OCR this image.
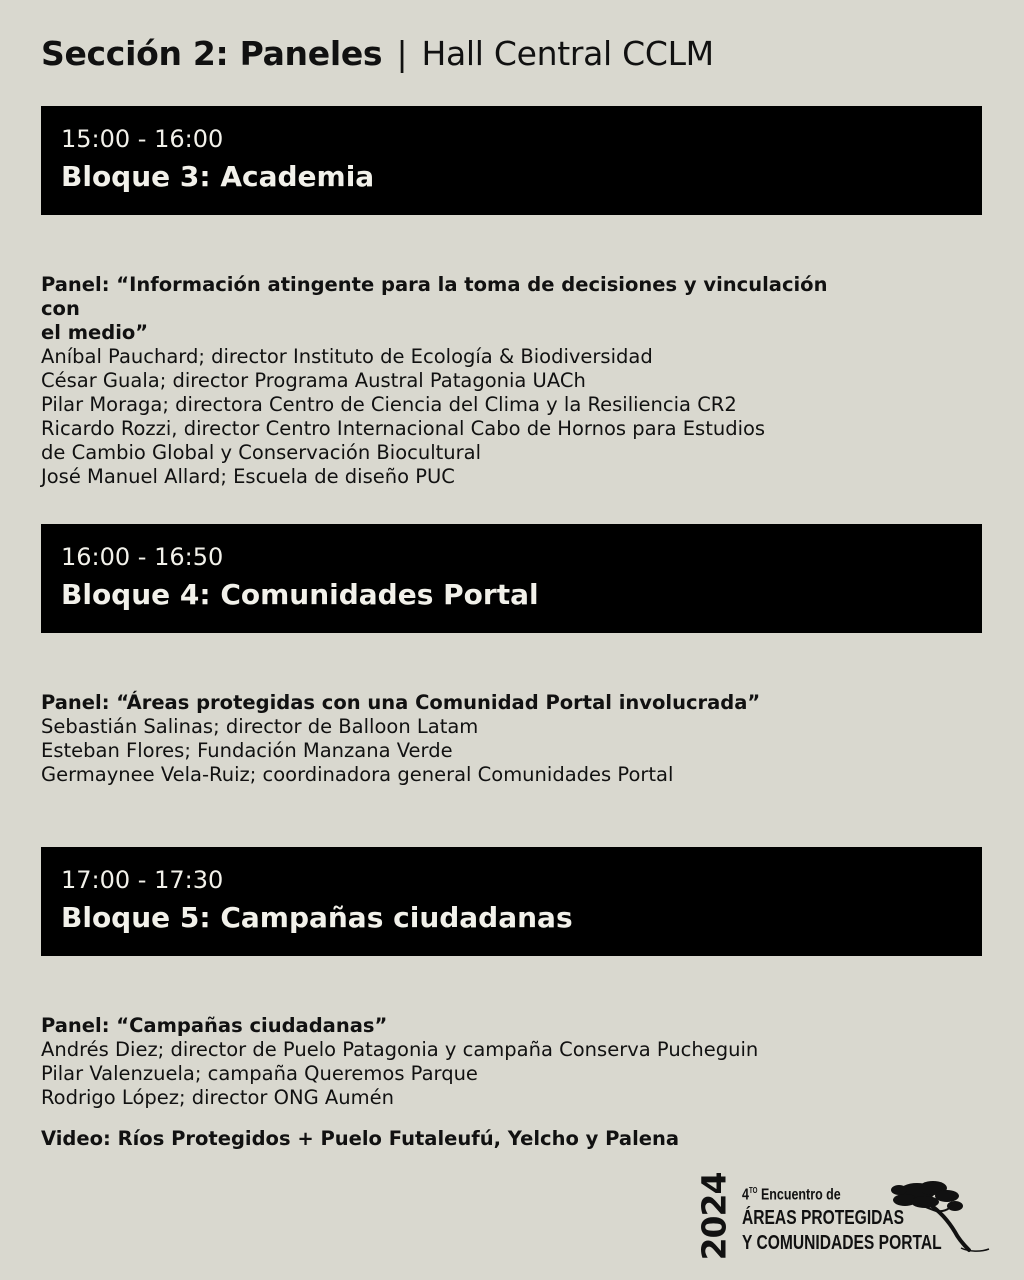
Sección 2: Paneles | Hall Central CCLM
15:00 - 16:00
Bloque 3: Academia
Panel: “Información atingente para la toma de decisiones y vinculación con
el medio”
Aníbal Pauchard; director Instituto de Ecología & Biodiversidad
César Guala; director Programa Austral Patagonia UACh
Pilar Moraga; directora Centro de Ciencia del Clima y la Resiliencia CR2
Ricardo Rozzi, director Centro Internacional Cabo de Hornos para Estudios
de Cambio Global y Conservación Biocultural
José Manuel Allard; Escuela de diseño PUC
16:00 - 16:50
Bloque 4: Comunidades Portal
Panel: “Áreas protegidas con una Comunidad Portal involucrada”
Sebastián Salinas; director de Balloon Latam
Esteban Flores; Fundación Manzana Verde
Germaynee Vela-Ruiz; coordinadora general Comunidades Portal
17:00 - 17:30
Bloque 5: Campañas ciudadanas
Panel: “Campañas ciudadanas”
Andrés Diez; director de Puelo Patagonia y campaña Conserva Pucheguin
Pilar Valenzuela; campaña Queremos Parque
Rodrigo López; director ONG Aumén
Video: Ríos Protegidos + Puelo Futaleufú, Yelcho y Palena
2024 $4^{TO}$ Encuentro de
ÁREAS PROTEGIDAS
Y COMUNIDADES PORTAL
